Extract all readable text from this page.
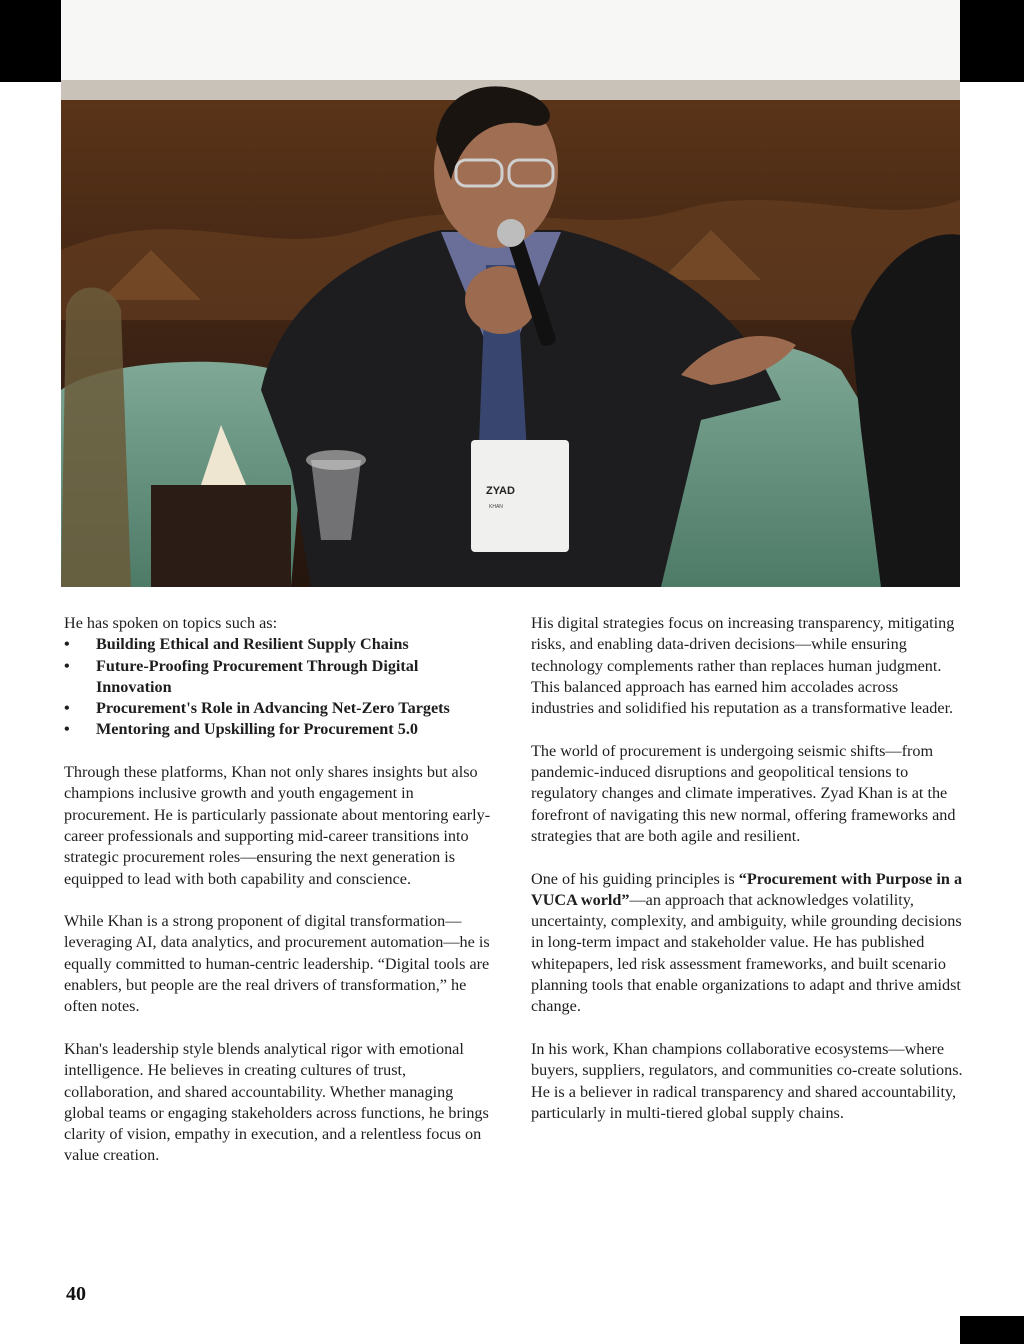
ZYAD
KHAN

He has spoken on topics such as:

• Building Ethical and Resilient Supply Chains
• Future-Proofing Procurement Through Digital Innovation
• Procurement's Role in Advancing Net-Zero Targets
• Mentoring and Upskilling for Procurement 5.0

Through these platforms, Khan not only shares insights but also champions inclusive growth and youth engagement in procurement. He is particularly passionate about mentoring early-career professionals and supporting mid-career transitions into strategic procurement roles—ensuring the next generation is equipped to lead with both capability and conscience.

While Khan is a strong proponent of digital transformation—leveraging AI, data analytics, and procurement automation—he is equally committed to human-centric leadership. “Digital tools are enablers, but people are the real drivers of transformation,” he often notes.

Khan's leadership style blends analytical rigor with emotional intelligence. He believes in creating cultures of trust, collaboration, and shared accountability. Whether managing global teams or engaging stakeholders across functions, he brings clarity of vision, empathy in execution, and a relentless focus on value creation.

His digital strategies focus on increasing transparency, mitigating risks, and enabling data-driven decisions—while ensuring technology complements rather than replaces human judgment. This balanced approach has earned him accolades across industries and solidified his reputation as a transformative leader.

The world of procurement is undergoing seismic shifts—from pandemic-induced disruptions and geopolitical tensions to regulatory changes and climate imperatives. Zyad Khan is at the forefront of navigating this new normal, offering frameworks and strategies that are both agile and resilient.

One of his guiding principles is “Procurement with Purpose in a VUCA world”—an approach that acknowledges volatility, uncertainty, complexity, and ambiguity, while grounding decisions in long-term impact and stakeholder value. He has published whitepapers, led risk assessment frameworks, and built scenario planning tools that enable organizations to adapt and thrive amidst change.

In his work, Khan champions collaborative ecosystems—where buyers, suppliers, regulators, and communities co-create solutions. He is a believer in radical transparency and shared accountability, particularly in multi-tiered global supply chains.

40
